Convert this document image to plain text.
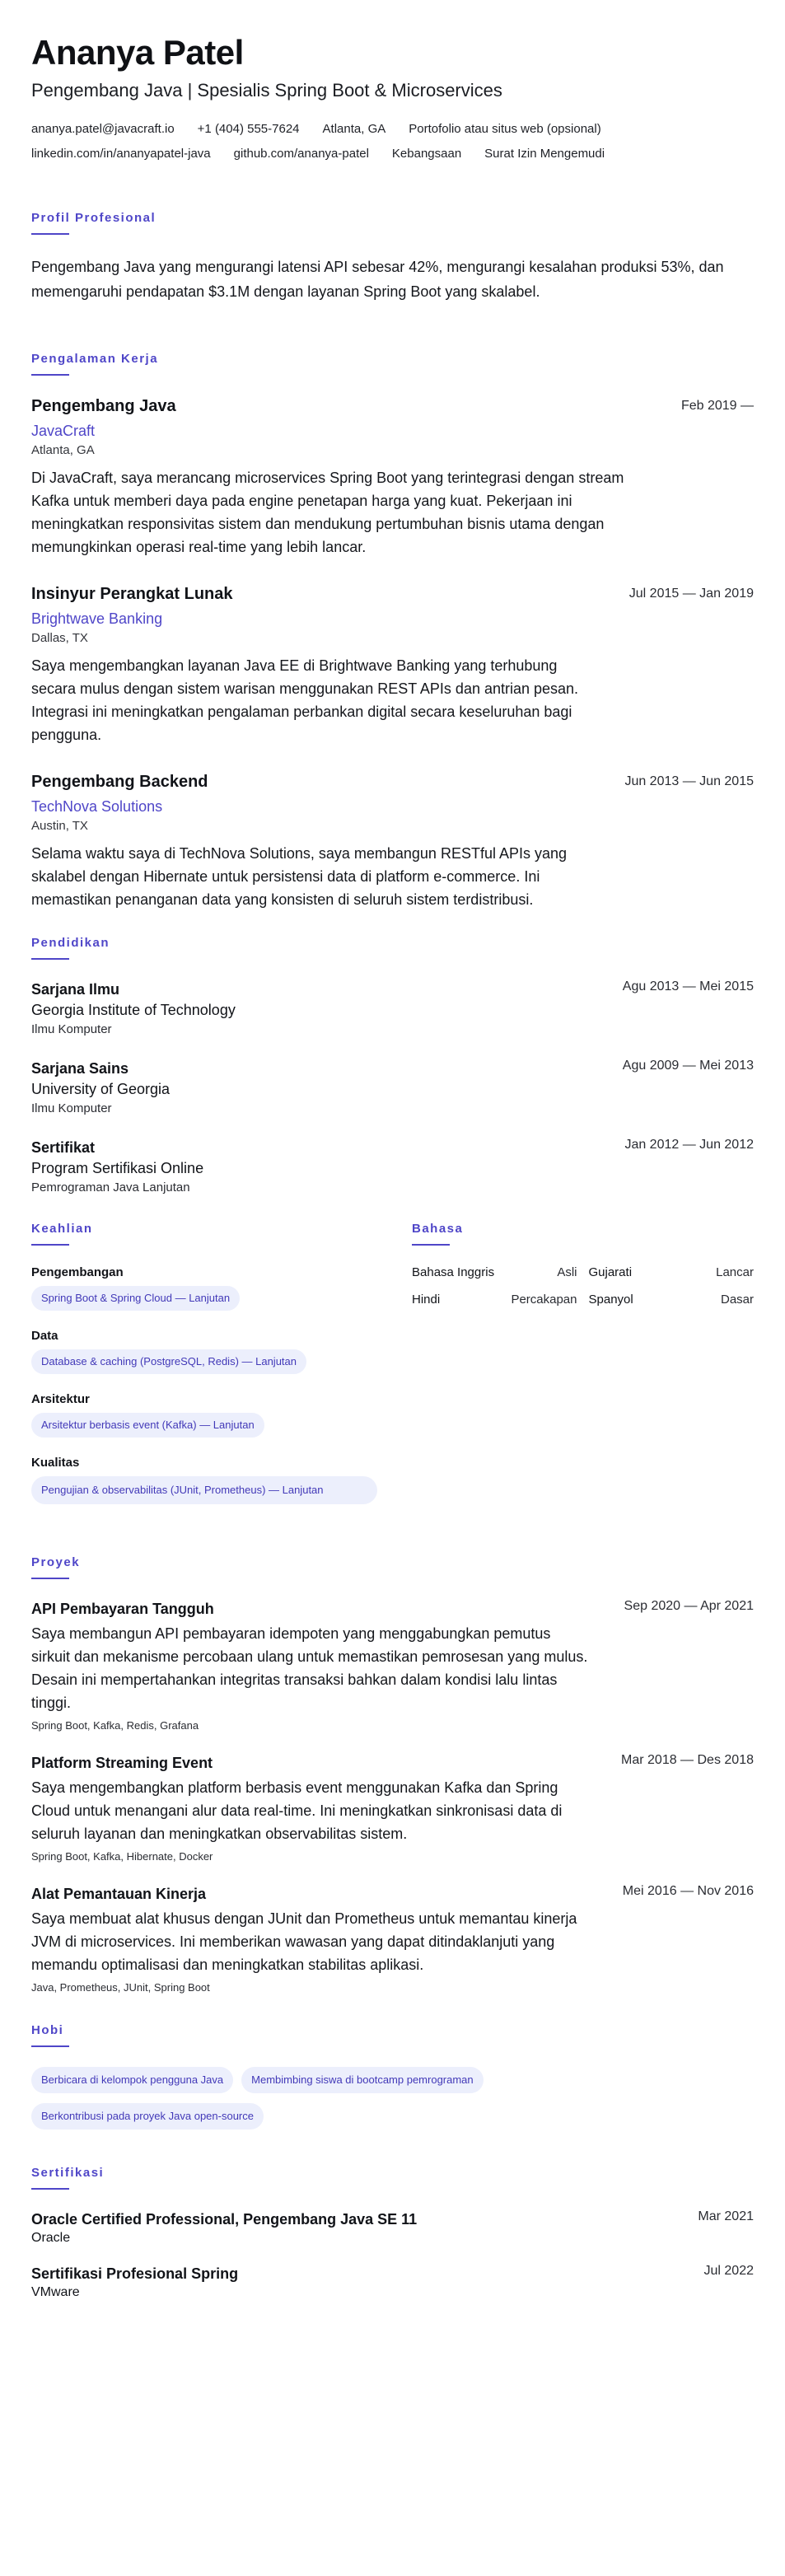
Ananya Patel
Pengembang Java | Spesialis Spring Boot & Microservices
ananya.patel@javacraft.io +1 (404) 555-7624 Atlanta, GA Portofolio atau situs web (opsional)
linkedin.com/in/ananyapatel-java github.com/ananya-patel Kebangsaan Surat Izin Mengemudi
Profil Profesional

Pengembang Java yang mengurangi latensi API sebesar 42%, mengurangi kesalahan produksi 53%, dan memengaruhi pendapatan $3.1M dengan layanan Spring Boot yang skalabel.

Pengalaman Kerja
Pengembang Java
JavaCraft
Atlanta, GA
Di JavaCraft, saya merancang microservices Spring Boot yang terintegrasi dengan stream Kafka untuk memberi daya pada engine penetapan harga yang kuat. Pekerjaan ini meningkatkan responsivitas sistem dan mendukung pertumbuhan bisnis utama dengan memungkinkan operasi real-time yang lebih lancar.
Feb 2019 —
Insinyur Perangkat Lunak
Brightwave Banking
Dallas, TX
Saya mengembangkan layanan Java EE di Brightwave Banking yang terhubung secara mulus dengan sistem warisan menggunakan REST APIs dan antrian pesan. Integrasi ini meningkatkan pengalaman perbankan digital secara keseluruhan bagi pengguna.
Jul 2015 — Jan 2019
Pengembang Backend
TechNova Solutions
Austin, TX
Selama waktu saya di TechNova Solutions, saya membangun RESTful APIs yang skalabel dengan Hibernate untuk persistensi data di platform e-commerce. Ini memastikan penanganan data yang konsisten di seluruh sistem terdistribusi.
Jun 2013 — Jun 2015
Pendidikan
Sarjana Ilmu
Georgia Institute of Technology
Ilmu Komputer
Agu 2013 — Mei 2015
Sarjana Sains
University of Georgia
Ilmu Komputer
Agu 2009 — Mei 2013
Sertifikat
Program Sertifikasi Online
Pemrograman Java Lanjutan
Jan 2012 — Jun 2012
Keahlian
Pengembangan
Spring Boot & Spring Cloud — Lanjutan
Data
Database & caching (PostgreSQL, Redis) — Lanjutan
Arsitektur
Arsitektur berbasis event (Kafka) — Lanjutan
Kualitas
Pengujian & observabilitas (JUnit, Prometheus) — Lanjutan
Bahasa
Bahasa Inggris	Asli Gujarati	Lancar
Hindi	Percakapan Spanyol	Dasar
Proyek
API Pembayaran Tangguh
Saya membangun API pembayaran idempoten yang menggabungkan pemutus sirkuit dan mekanisme percobaan ulang untuk memastikan pemrosesan yang mulus. Desain ini mempertahankan integritas transaksi bahkan dalam kondisi lalu lintas tinggi.
Spring Boot, Kafka, Redis, Grafana
Sep 2020 — Apr 2021
Platform Streaming Event
Saya mengembangkan platform berbasis event menggunakan Kafka dan Spring Cloud untuk menangani alur data real-time. Ini meningkatkan sinkronisasi data di seluruh layanan dan meningkatkan observabilitas sistem.
Spring Boot, Kafka, Hibernate, Docker
Mar 2018 — Des 2018
Alat Pemantauan Kinerja
Saya membuat alat khusus dengan JUnit dan Prometheus untuk memantau kinerja JVM di microservices. Ini memberikan wawasan yang dapat ditindaklanjuti yang memandu optimalisasi dan meningkatkan stabilitas aplikasi.
Java, Prometheus, JUnit, Spring Boot
Mei 2016 — Nov 2016
Hobi
Berbicara di kelompok pengguna Java	Membimbing siswa di bootcamp pemrograman
Berkontribusi pada proyek Java open-source
Sertifikasi
Oracle Certified Professional, Pengembang Java SE 11
Oracle
Mar 2021
Sertifikasi Profesional Spring
VMware
Jul 2022
